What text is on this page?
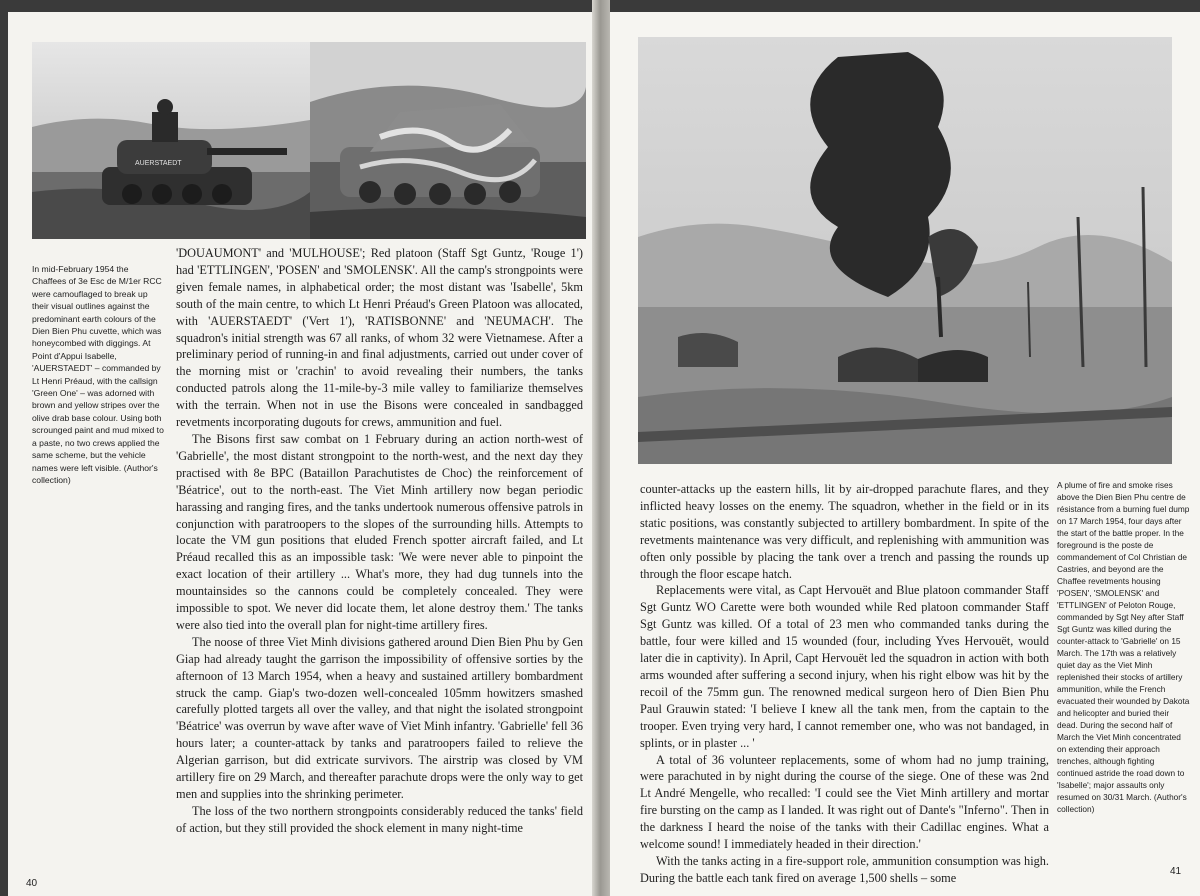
AUERSTAEDT
In mid-February 1954 the Chaffees of 3e Esc de M/1er RCC were camouflaged to break up their visual outlines against the predominant earth colours of the Dien Bien Phu cuvette, which was honeycombed with diggings. At Point d'Appui Isabelle, 'AUERSTAEDT' – commanded by Lt Henri Préaud, with the callsign 'Green One' – was adorned with brown and yellow stripes over the olive drab base colour. Using both scrounged paint and mud mixed to a paste, no two crews applied the same scheme, but the vehicle names were left visible. (Author's collection)

'DOUAUMONT' and 'MULHOUSE'; Red platoon (Staff Sgt Guntz, 'Rouge 1') had 'ETTLINGEN', 'POSEN' and 'SMOLENSK'. All the camp's strongpoints were given female names, in alphabetical order; the most distant was 'Isabelle', 5km south of the main centre, to which Lt Henri Préaud's Green Platoon was allocated, with 'AUERSTAEDT' ('Vert 1'), 'RATISBONNE' and 'NEUMACH'. The squadron's initial strength was 67 all ranks, of whom 32 were Vietnamese. After a preliminary period of running-in and final adjustments, carried out under cover of the morning mist or 'crachin' to avoid revealing their numbers, the tanks conducted patrols along the 11-mile-by-3 mile valley to familiarize themselves with the terrain. When not in use the Bisons were concealed in sandbagged revetments incorporating dugouts for crews, ammunition and fuel.

The Bisons first saw combat on 1 February during an action north-west of 'Gabrielle', the most distant strongpoint to the north-west, and the next day they practised with 8e BPC (Bataillon Parachutistes de Choc) the reinforcement of 'Béatrice', out to the north-east. The Viet Minh artillery now began periodic harassing and ranging fires, and the tanks undertook numerous offensive patrols in conjunction with paratroopers to the slopes of the surrounding hills. Attempts to locate the VM gun positions that eluded French spotter aircraft failed, and Lt Préaud recalled this as an impossible task: 'We were never able to pinpoint the exact location of their artillery ... What's more, they had dug tunnels into the mountainsides so the cannons could be completely concealed. They were impossible to spot. We never did locate them, let alone destroy them.' The tanks were also tied into the overall plan for night-time artillery fires.

The noose of three Viet Minh divisions gathered around Dien Bien Phu by Gen Giap had already taught the garrison the impossibility of offensive sorties by the afternoon of 13 March 1954, when a heavy and sustained artillery bombardment struck the camp. Giap's two-dozen well-concealed 105mm howitzers smashed carefully plotted targets all over the valley, and that night the isolated strongpoint 'Béatrice' was overrun by wave after wave of Viet Minh infantry. 'Gabrielle' fell 36 hours later; a counter-attack by tanks and paratroopers failed to relieve the Algerian garrison, but did extricate survivors. The airstrip was closed by VM artillery fire on 29 March, and thereafter parachute drops were the only way to get men and supplies into the shrinking perimeter.

The loss of the two northern strongpoints considerably reduced the tanks' field of action, but they still provided the shock element in many night-time

40

counter-attacks up the eastern hills, lit by air-dropped parachute flares, and they inflicted heavy losses on the enemy. The squadron, whether in the field or in its static positions, was constantly subjected to artillery bombardment. In spite of the revetments maintenance was very difficult, and replenishing with ammunition was often only possible by placing the tank over a trench and passing the rounds up through the floor escape hatch.

Replacements were vital, as Capt Hervouët and Blue platoon commander Staff Sgt Guntz WO Carette were both wounded while Red platoon commander Staff Sgt Guntz was killed. Of a total of 23 men who commanded tanks during the battle, four were killed and 15 wounded (four, including Yves Hervouët, would later die in captivity). In April, Capt Hervouët led the squadron in action with both arms wounded after suffering a second injury, when his right elbow was hit by the recoil of the 75mm gun. The renowned medical surgeon hero of Dien Bien Phu Paul Grauwin stated: 'I believe I knew all the tank men, from the captain to the trooper. Even trying very hard, I cannot remember one, who was not bandaged, in splints, or in plaster ... '

A total of 36 volunteer replacements, some of whom had no jump training, were parachuted in by night during the course of the siege. One of these was 2nd Lt André Mengelle, who recalled: 'I could see the Viet Minh artillery and mortar fire bursting on the camp as I landed. It was right out of Dante's "Inferno". Then in the darkness I heard the noise of the tanks with their Cadillac engines. What a welcome sound! I immediately headed in their direction.'

With the tanks acting in a fire-support role, ammunition consumption was high. During the battle each tank fired on average 1,500 shells – some

A plume of fire and smoke rises above the Dien Bien Phu centre de résistance from a burning fuel dump on 17 March 1954, four days after the start of the battle proper. In the foreground is the poste de commandement of Col Christian de Castries, and beyond are the Chaffee revetments housing 'POSEN', 'SMOLENSK' and 'ETTLINGEN' of Peloton Rouge, commanded by Sgt Ney after Staff Sgt Guntz was killed during the counter-attack to 'Gabrielle' on 15 March. The 17th was a relatively quiet day as the Viet Minh replenished their stocks of artillery ammunition, while the French evacuated their wounded by Dakota and helicopter and buried their dead. During the second half of March the Viet Minh concentrated on extending their approach trenches, although fighting continued astride the road down to 'Isabelle'; major assaults only resumed on 30/31 March. (Author's collection)
41
